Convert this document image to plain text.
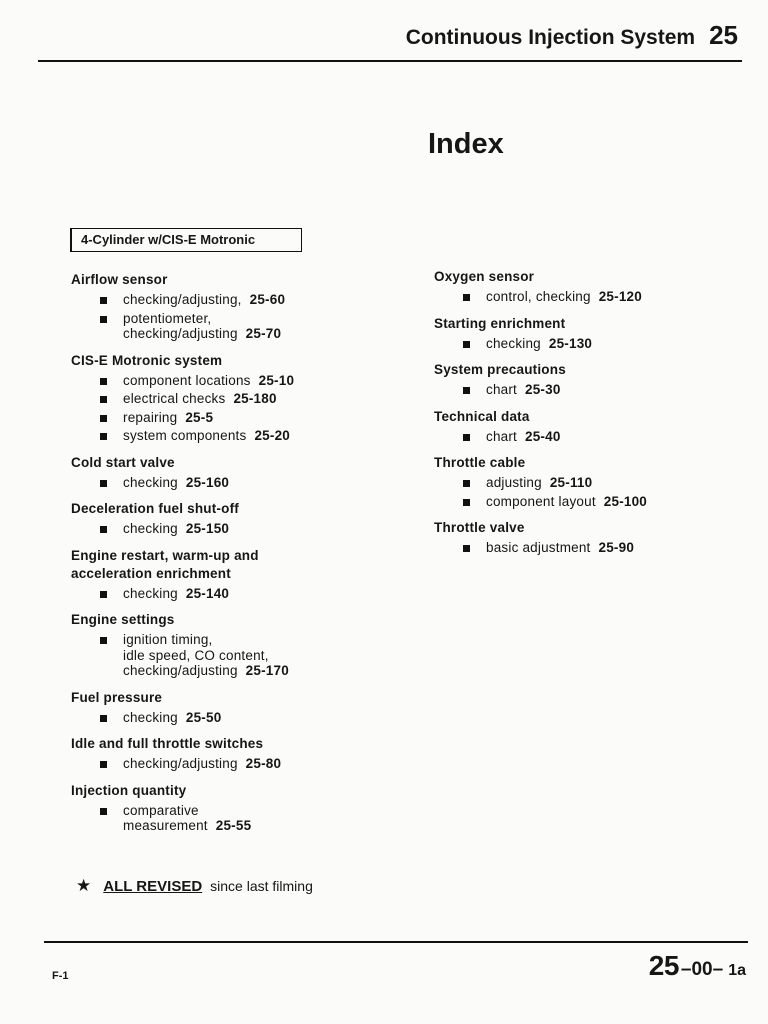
Continuous Injection System 25
Index
4-Cylinder w/CIS-E Motronic
Airflow sensor
checking/adjusting, 25-60
potentiometer,
checking/adjusting 25-70
CIS-E Motronic system
component locations 25-10
electrical checks 25-180
repairing 25-5
system components 25-20
Cold start valve
checking 25-160
Deceleration fuel shut-off
checking 25-150
Engine restart, warm-up and
acceleration enrichment
checking 25-140
Engine settings
ignition timing,
idle speed, CO content,
checking/adjusting 25-170
Fuel pressure
checking 25-50
Idle and full throttle switches
checking/adjusting 25-80
Injection quantity
comparative
measurement 25-55
Oxygen sensor
control, checking 25-120
Starting enrichment
checking 25-130
System precautions
chart 25-30
Technical data
chart 25-40
Throttle cable
adjusting 25-110
component layout 25-100
Throttle valve
basic adjustment 25-90
★ ALL REVISED since last filming
F-1	25 –00– 1a
